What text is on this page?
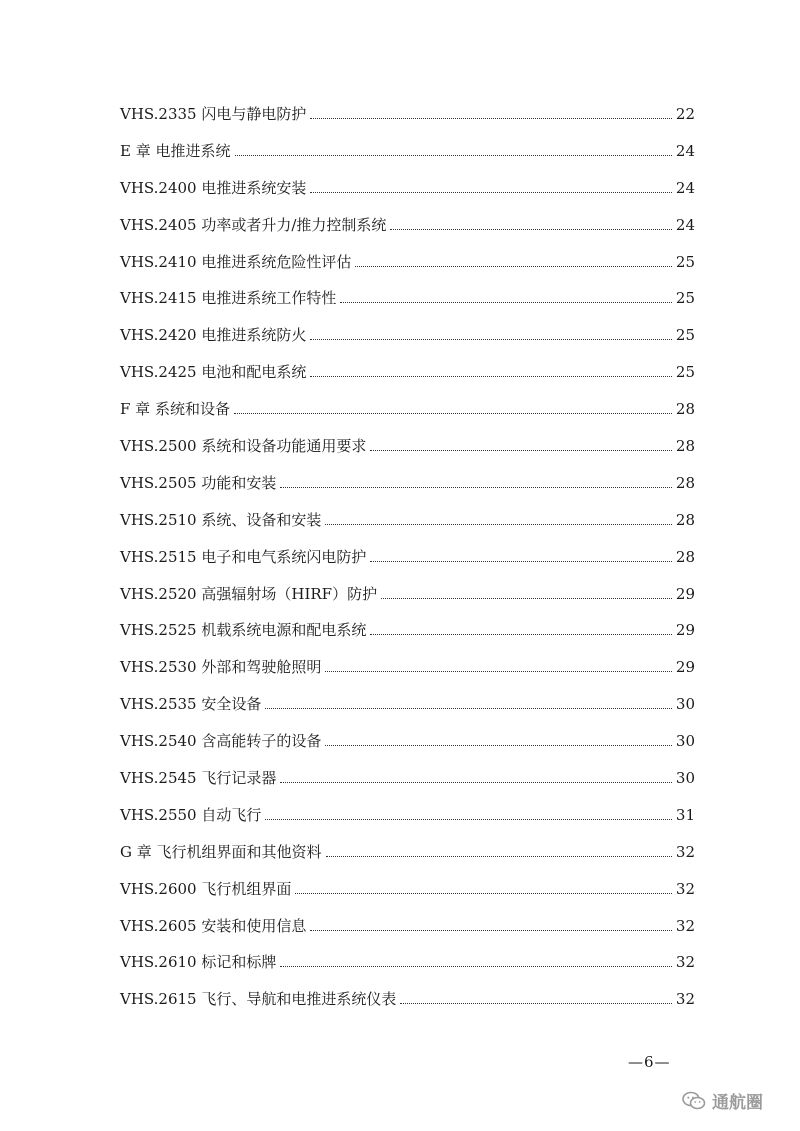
VHS.2335 闪电与静电防护	22
E 章 电推进系统	24
VHS.2400 电推进系统安装	24
VHS.2405 功率或者升力/推力控制系统	24
VHS.2410 电推进系统危险性评估	25
VHS.2415 电推进系统工作特性	25
VHS.2420 电推进系统防火	25
VHS.2425 电池和配电系统	25
F 章 系统和设备	28
VHS.2500 系统和设备功能通用要求	28
VHS.2505 功能和安装	28
VHS.2510 系统、设备和安装	28
VHS.2515 电子和电气系统闪电防护	28
VHS.2520 高强辐射场（HIRF）防护	29
VHS.2525 机载系统电源和配电系统	29
VHS.2530 外部和驾驶舱照明	29
VHS.2535 安全设备	30
VHS.2540 含高能转子的设备	30
VHS.2545 飞行记录器	30
VHS.2550 自动飞行	31
G 章 飞行机组界面和其他资料	32
VHS.2600 飞行机组界面	32
VHS.2605 安装和使用信息	32
VHS.2610 标记和标牌	32
VHS.2615 飞行、导航和电推进系统仪表	32
—6—
通航圈
